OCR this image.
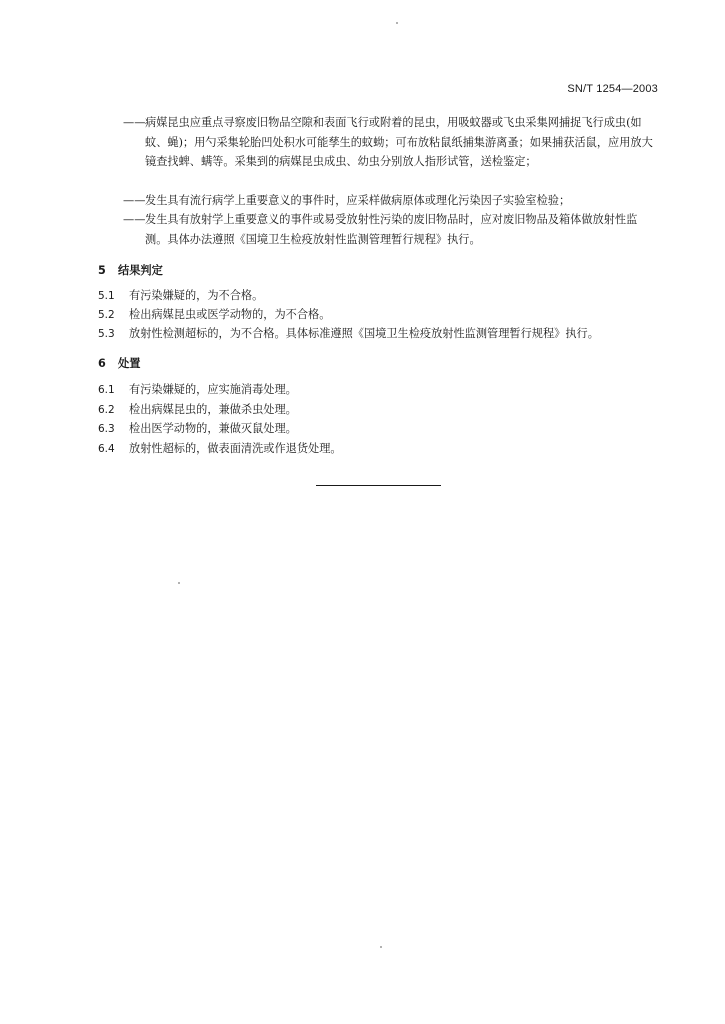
SN/T 1254—2003
—— 病媒昆虫应重点寻察废旧物品空隙和表面飞行或附着的昆虫，用吸蚊器或飞虫采集网捕捉飞行成虫(如蚊、蝇)；用勺采集轮胎凹处积水可能孳生的蚊蚴；可布放粘鼠纸捕集游离蚤；如果捕获活鼠，应用放大镜查找蜱、螨等。采集到的病媒昆虫成虫、幼虫分别放人指形试管，送检鉴定；
—— 发生具有流行病学上重要意义的事件时，应采样做病原体或理化污染因子实验室检验；
—— 发生具有放射学上重要意义的事件或易受放射性污染的废旧物品时，应对废旧物品及箱体做放射性监测。具体办法遵照《国境卫生检疫放射性监测管理暂行规程》执行。
5 结果判定
5.1 有污染嫌疑的，为不合格。
5.2 检出病媒昆虫或医学动物的，为不合格。
5.3 放射性检测超标的，为不合格。具体标准遵照《国境卫生检疫放射性监测管理暂行规程》执行。
6 处置
6.1 有污染嫌疑的，应实施消毒处理。
6.2 检出病媒昆虫的，兼做杀虫处理。
6.3 检出医学动物的，兼做灭鼠处理。
6.4 放射性超标的，做表面清洗或作退货处理。
